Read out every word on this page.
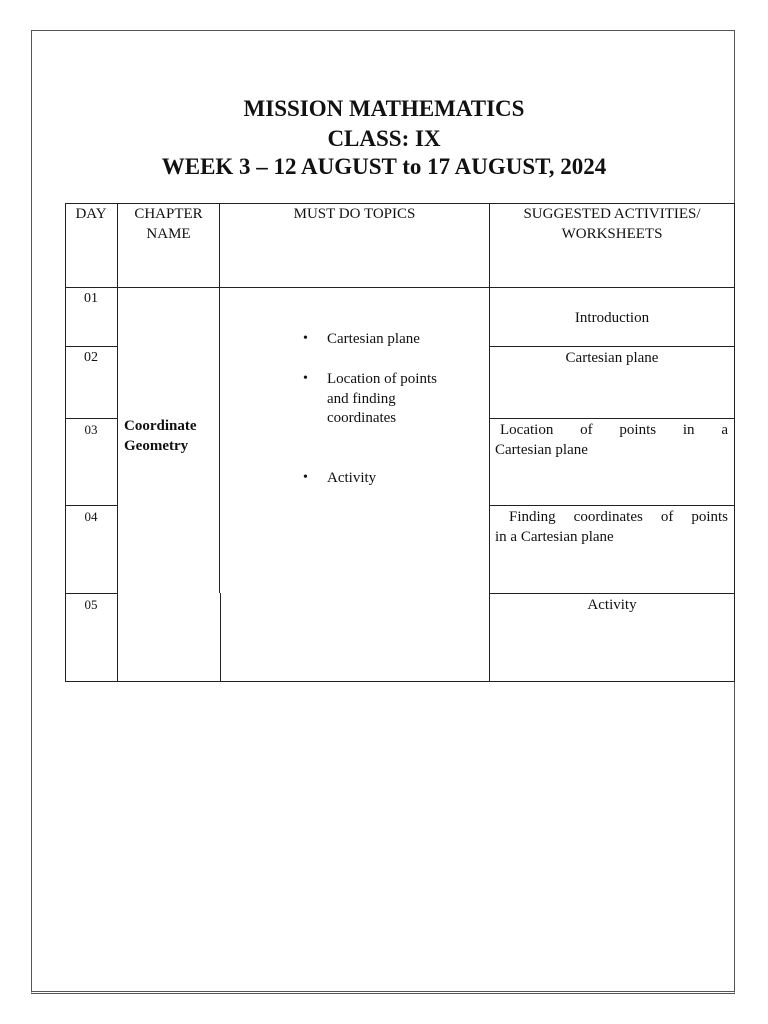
MISSION MATHEMATICS
CLASS: IX
WEEK 3 – 12 AUGUST to 17 AUGUST, 2024
DAY	CHAPTER
NAME
MUST DO TOPICS	SUGGESTED ACTIVITIES/
WORKSHEETS
01
02
03
04
05
Coordinate
Geometry
• Cartesian plane
• Location of points
and finding
coordinates
• Activity
Introduction
Cartesian plane
Location of points in a
Cartesian plane
Finding coordinates of points
in a Cartesian plane
Activity
